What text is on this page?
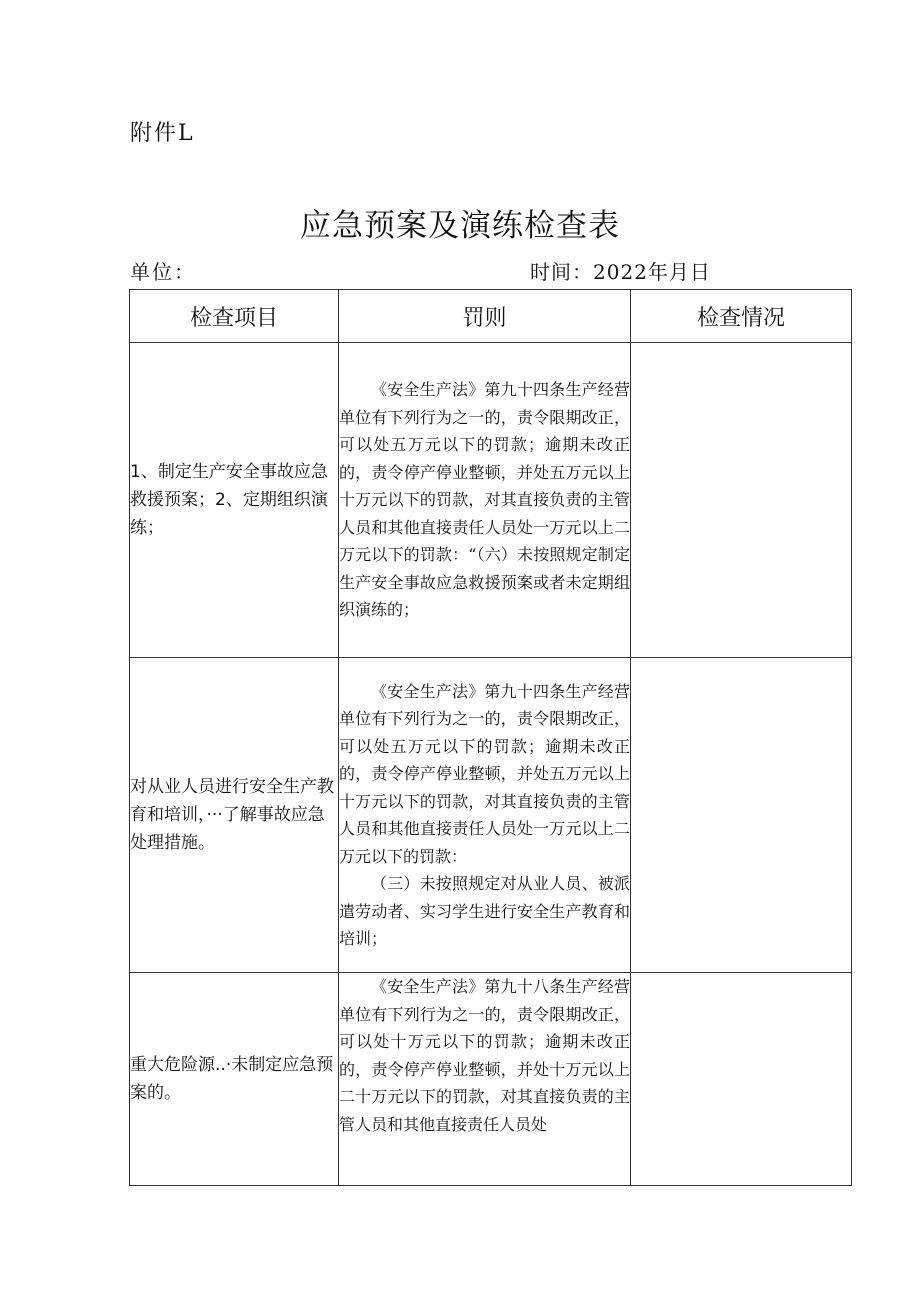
附件L
应急预案及演练检查表
单位：	时间：2022年月日
检查项目	罚则	检查情况
1、制定生产安全事故应急救援预案；2、定期组织演练；	《安全生产法》第九十四条生产经营单位有下列行为之一的，责令限期改正，可以处五万元以下的罚款；逾期未改正的，责令停产停业整顿，并处五万元以上十万元以下的罚款，对其直接负责的主管人员和其他直接责任人员处一万元以上二万元以下的罚款：“（六）未按照规定制定生产安全事故应急救援预案或者未定期组织演练的；	

对从业人员进行安全生产教育和培训，···了解事故应急处理措施。	《安全生产法》第九十四条生产经营单位有下列行为之一的，责令限期改正，可以处五万元以下的罚款；逾期未改正的，责令停产停业整顿，并处五万元以上十万元以下的罚款，对其直接负责的主管人员和其他直接责任人员处一万元以上二万元以下的罚款：

（三）未按照规定对从业人员、被派遣劳动者、实习学生进行安全生产教育和培训；	

重大危险源..·未制定应急预案的。	《安全生产法》第九十八条生产经营单位有下列行为之一的，责令限期改正，可以处十万元以下的罚款；逾期未改正的，责令停产停业整顿，并处十万元以上二十万元以下的罚款，对其直接负责的主管人员和其他直接责任人员处	
